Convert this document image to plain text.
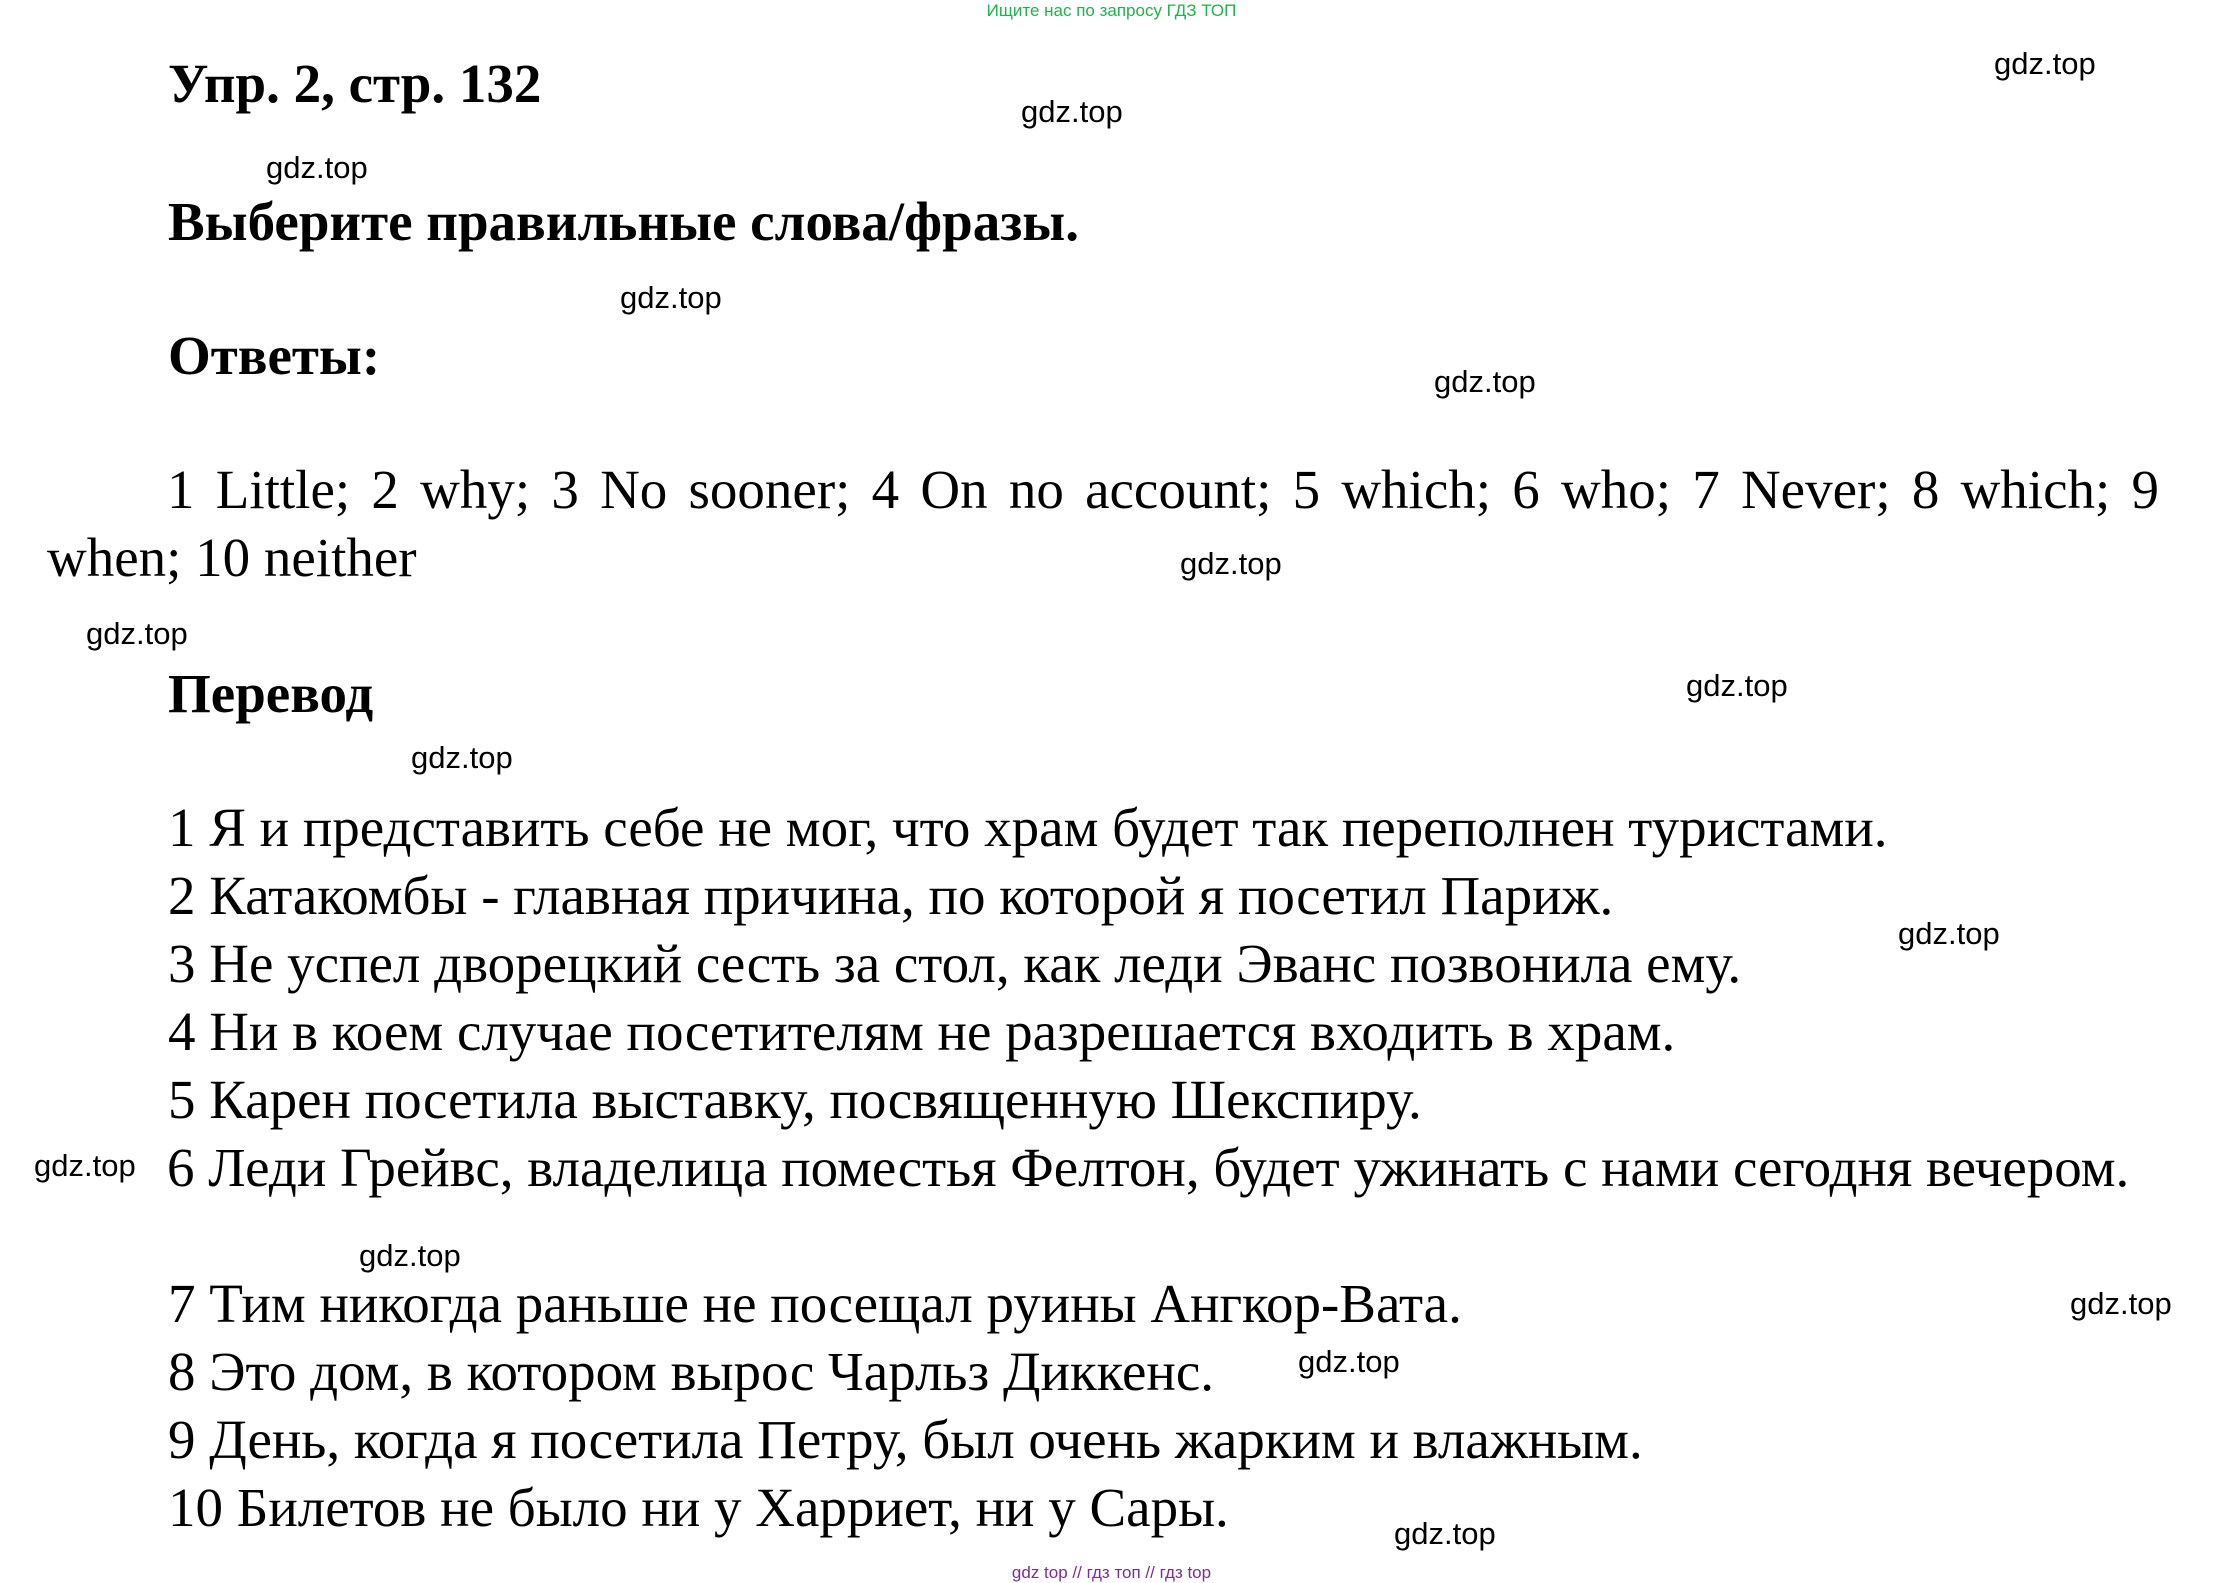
Ищите нас по запросу ГДЗ ТОП
Упр. 2, стр. 132
Выберите правильные слова/фразы.
Ответы:
1 Little; 2 why; 3 No sooner; 4 On no account; 5 which; 6 who; 7 Never; 8 which; 9 when; 10 neither
Перевод
1 Я и представить себе не мог, что храм будет так переполнен туристами.
2 Катакомбы - главная причина, по которой я посетил Париж.
3 Не успел дворецкий сесть за стол, как леди Эванс позвонила ему.
4 Ни в коем случае посетителям не разрешается входить в храм.
5 Карен посетила выставку, посвященную Шекспиру.
6 Леди Грейвс, владелица поместья Фелтон, будет ужинать с нами сегодня вечером.
7 Тим никогда раньше не посещал руины Ангкор-Вата.
8 Это дом, в котором вырос Чарльз Диккенс.
9 День, когда я посетила Петру, был очень жарким и влажным.
10 Билетов не было ни у Харриет, ни у Сары.
gdz.top
gdz.top
gdz.top
gdz.top
gdz.top
gdz.top
gdz.top
gdz.top
gdz.top
gdz.top
gdz.top
gdz.top
gdz.top
gdz.top
gdz.top
gdz top // гдз топ // гдз top
